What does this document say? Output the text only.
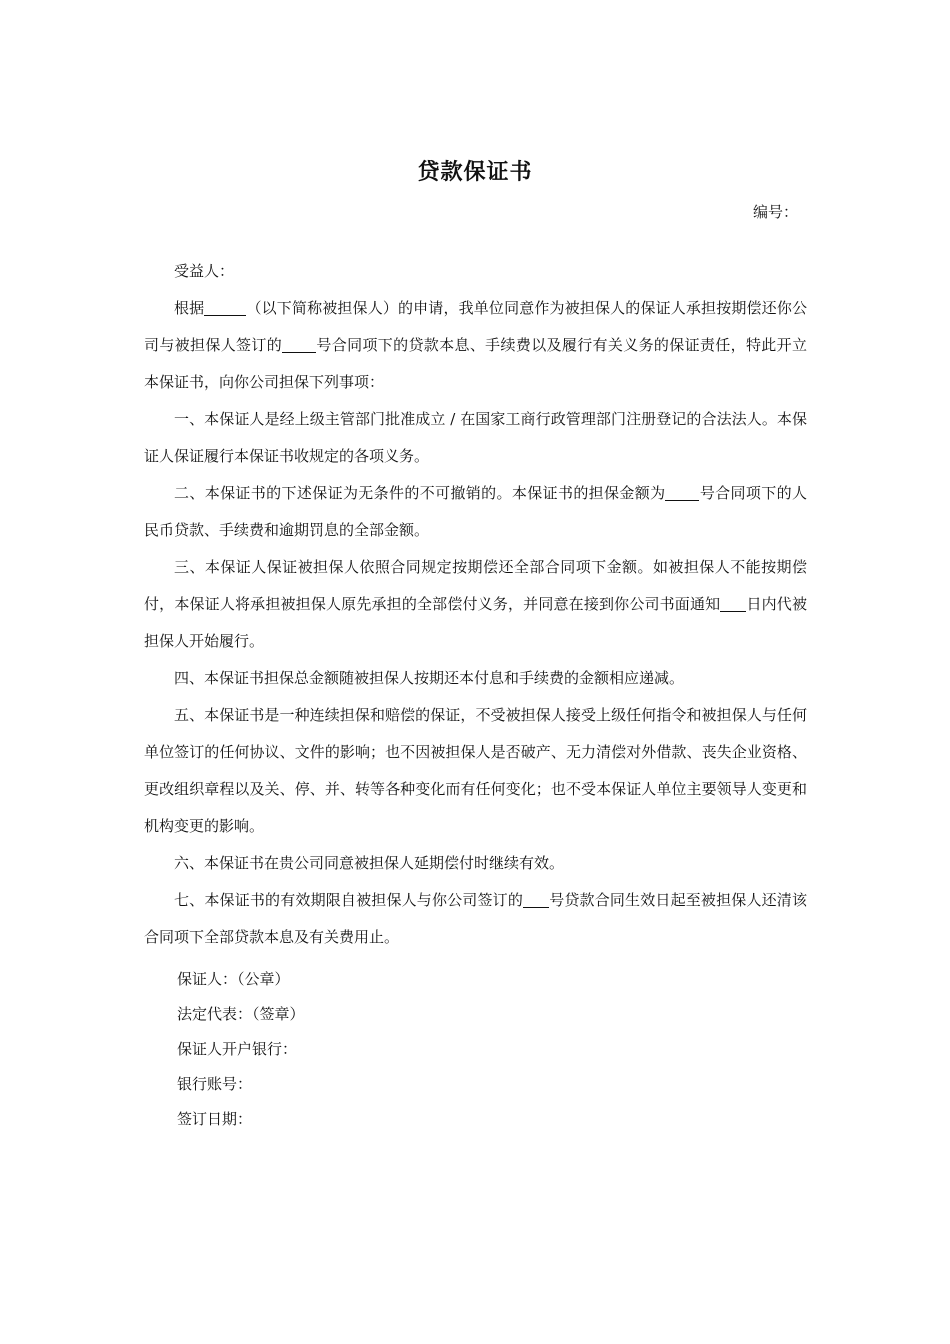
贷款保证书
编号：

受益人：

根据	（以下简称被担保人）的申请，我单位同意作为被担保人的保证人承担按期偿还你公司与被担保人签订的 号合同项下的贷款本息、手续费以及履行有关义务的保证责任，特此开立本保证书，向你公司担保下列事项：

一、本保证人是经上级主管部门批准成立 / 在国家工商行政管理部门注册登记的合法法人。本保证人保证履行本保证书收规定的各项义务。

二、本保证书的下述保证为无条件的不可撤销的。本保证书的担保金额为 号合同项下的人民币贷款、手续费和逾期罚息的全部金额。

三、本保证人保证被担保人依照合同规定按期偿还全部合同项下金额。如被担保人不能按期偿付，本保证人将承担被担保人原先承担的全部偿付义务，并同意在接到你公司书面通知 日内代被担保人开始履行。

四、本保证书担保总金额随被担保人按期还本付息和手续费的金额相应递减。

五、本保证书是一种连续担保和赔偿的保证，不受被担保人接受上级任何指令和被担保人与任何单位签订的任何协议、文件的影响；也不因被担保人是否破产、无力清偿对外借款、丧失企业资格、更改组织章程以及关、停、并、转等各种变化而有任何变化；也不受本保证人单位主要领导人变更和机构变更的影响。

六、本保证书在贵公司同意被担保人延期偿付时继续有效。

七、本保证书的有效期限自被担保人与你公司签订的 号贷款合同生效日起至被担保人还清该合同项下全部贷款本息及有关费用止。

保证人：（公章）
法定代表：（签章）
保证人开户银行：
银行账号：
签订日期：
